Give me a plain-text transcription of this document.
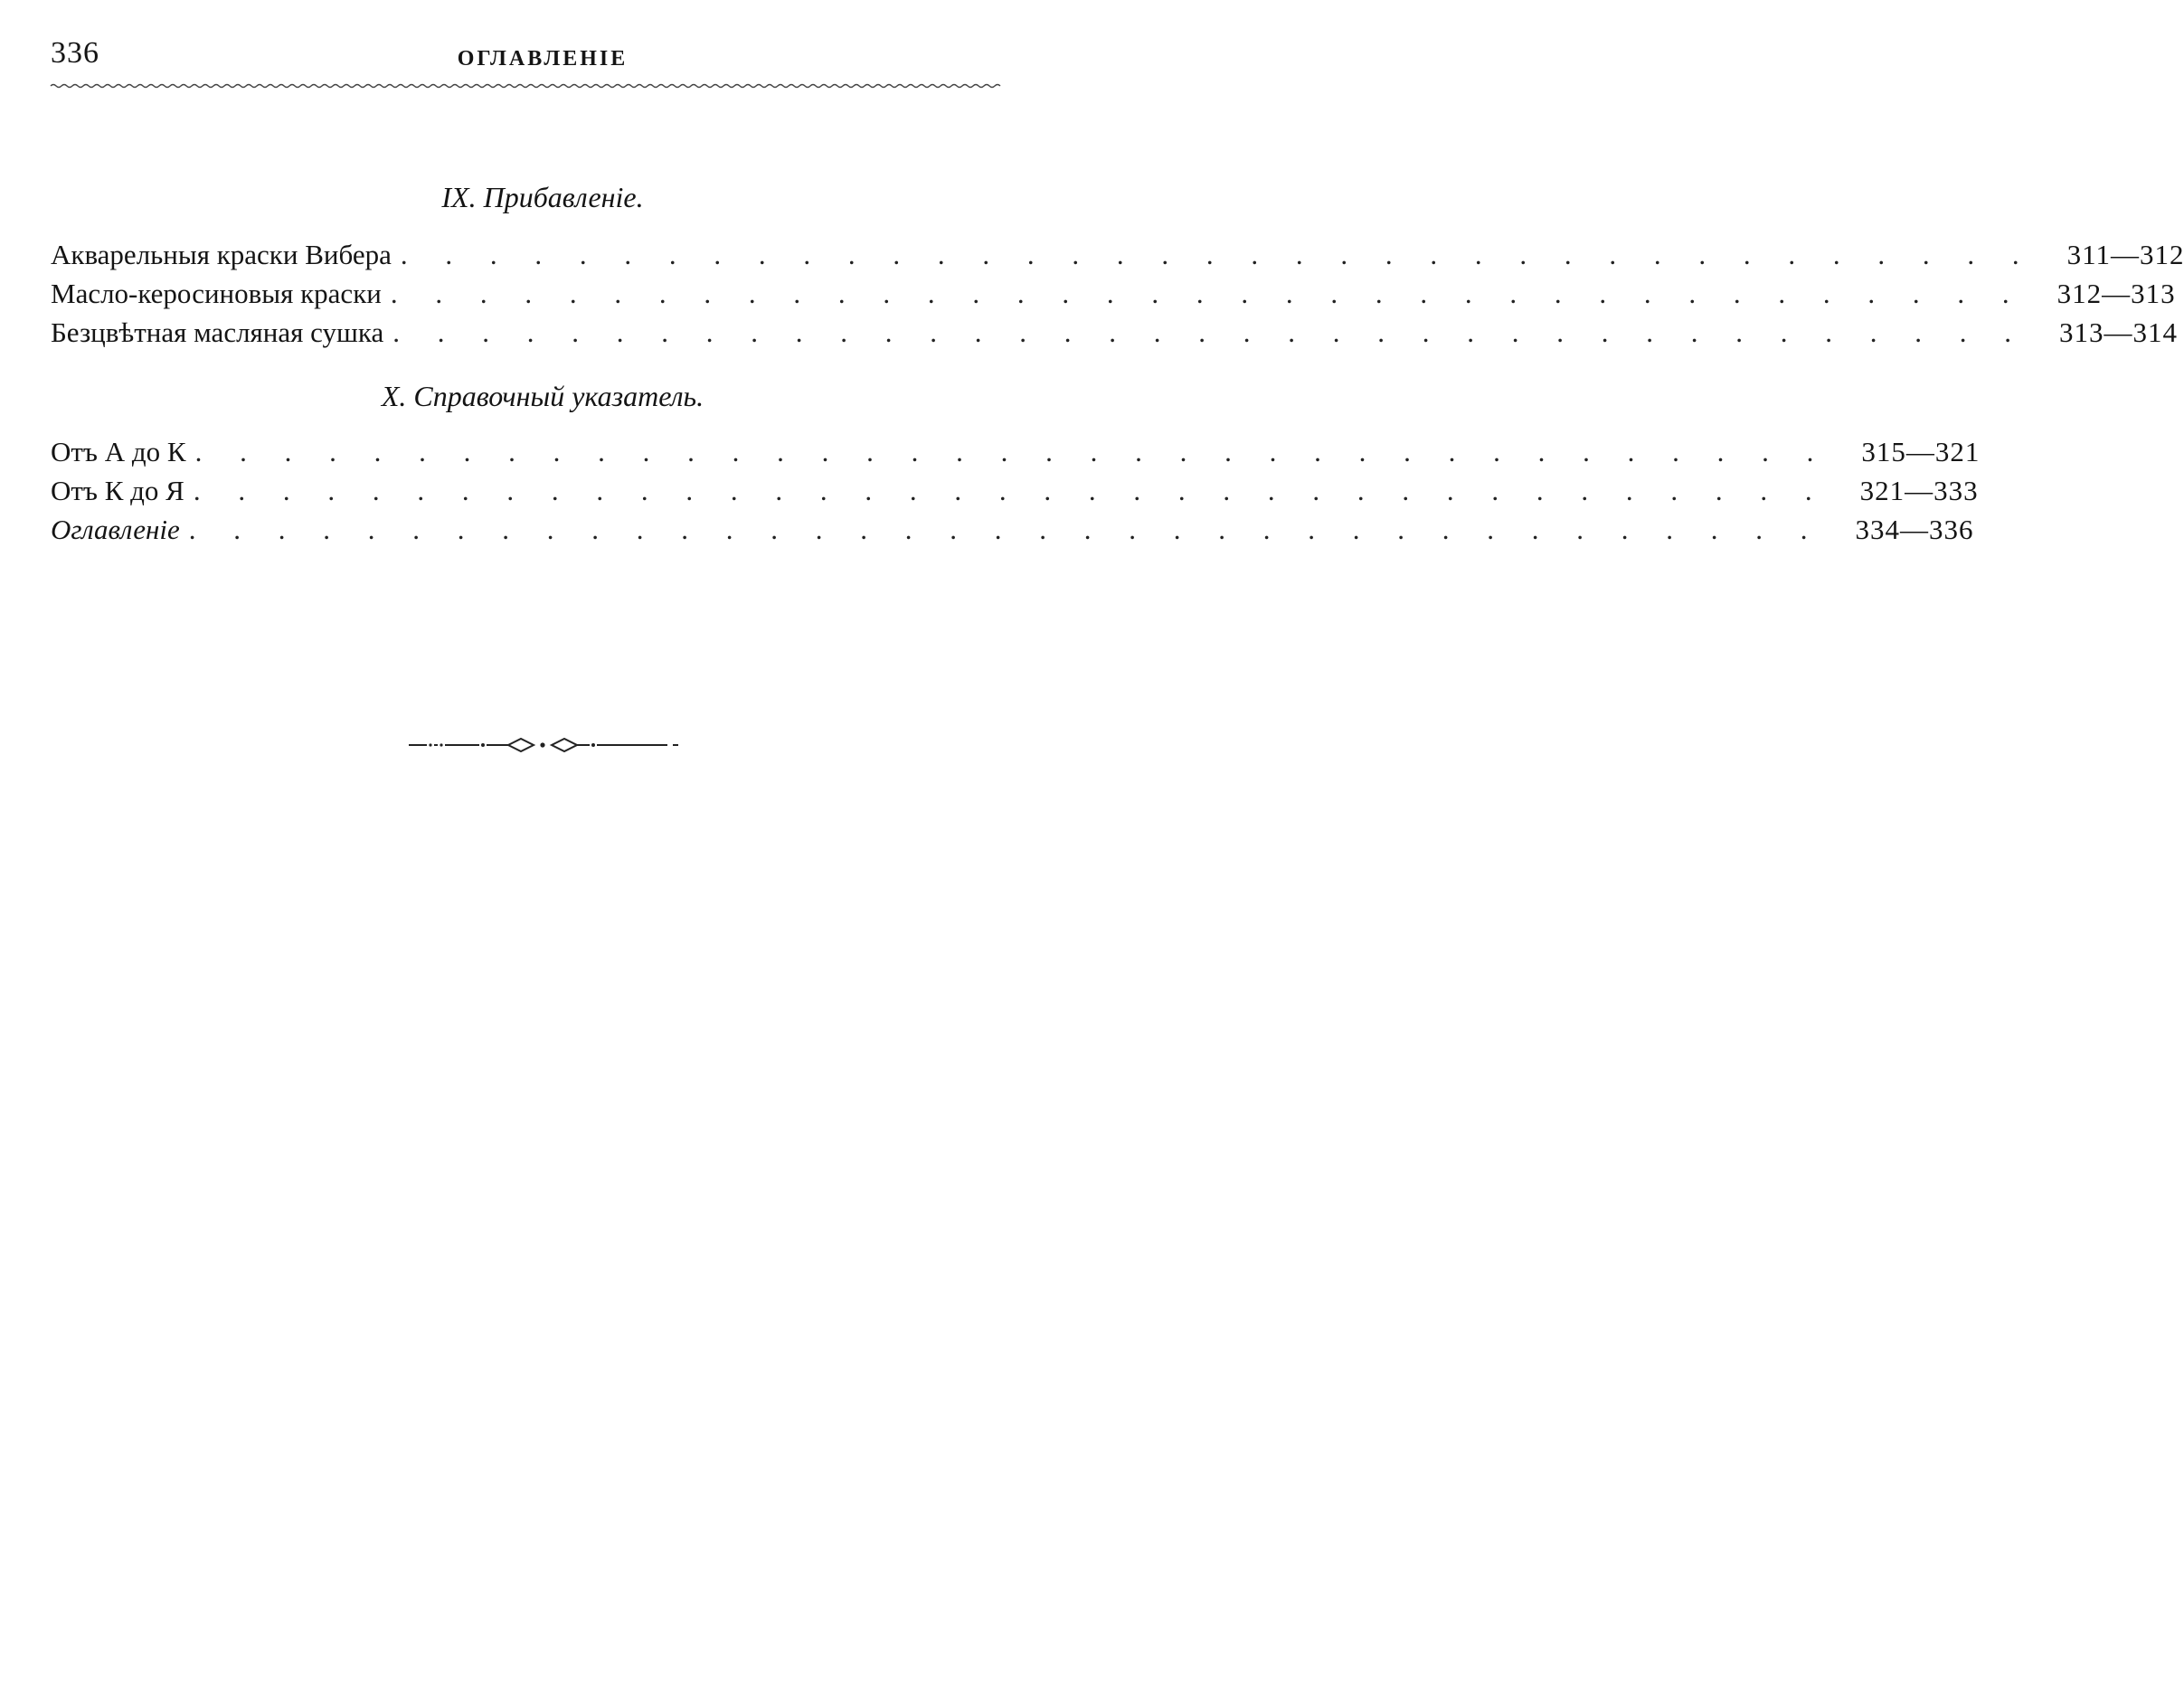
336	ОГЛАВЛЕНІЕ
IX. Прибавленіе.
Акварельныя краски Вибера . . . . . . . . . . . . . . . . . . . . . . . . . . . . . . . . . . . . . 311—312
Масло-керосиновыя краски . . . . . . . . . . . . . . . . . . . . . . . . . . . . . . . . . . . . . 312—313
Безцвѣтная масляная сушка . . . . . . . . . . . . . . . . . . . . . . . . . . . . . . . . . . . . . 313—314
X. Справочный указатель.
Отъ А до К . . . . . . . . . . . . . . . . . . . . . . . . . . . . . . . . . . . . . 315—321
Отъ К до Я . . . . . . . . . . . . . . . . . . . . . . . . . . . . . . . . . . . . . 321—333
Оглавленіе . . . . . . . . . . . . . . . . . . . . . . . . . . . . . . . . . . . . . 334—336
